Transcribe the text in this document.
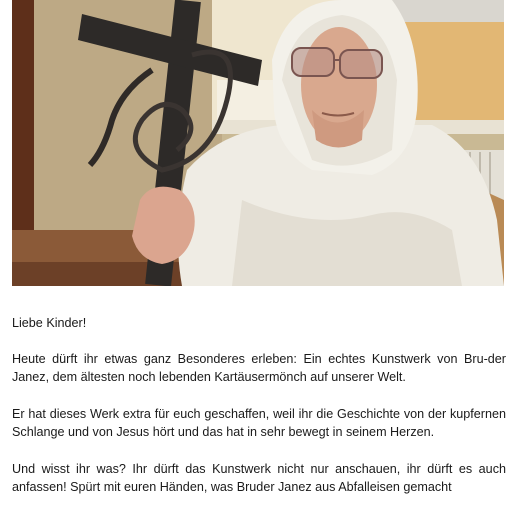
Liebe Kinder!

Heute dürft ihr etwas ganz Besonderes erleben: Ein echtes Kunstwerk von Bru-der Janez, dem ältesten noch lebenden Kartäusermönch auf unserer Welt.

Er hat dieses Werk extra für euch geschaffen, weil ihr die Geschichte von der kupfernen Schlange und von Jesus hört und das hat in sehr bewegt in seinem Herzen.

Und wisst ihr was? Ihr dürft das Kunstwerk nicht nur anschauen, ihr dürft es auch anfassen! Spürt mit euren Händen, was Bruder Janez aus Abfalleisen gemacht
